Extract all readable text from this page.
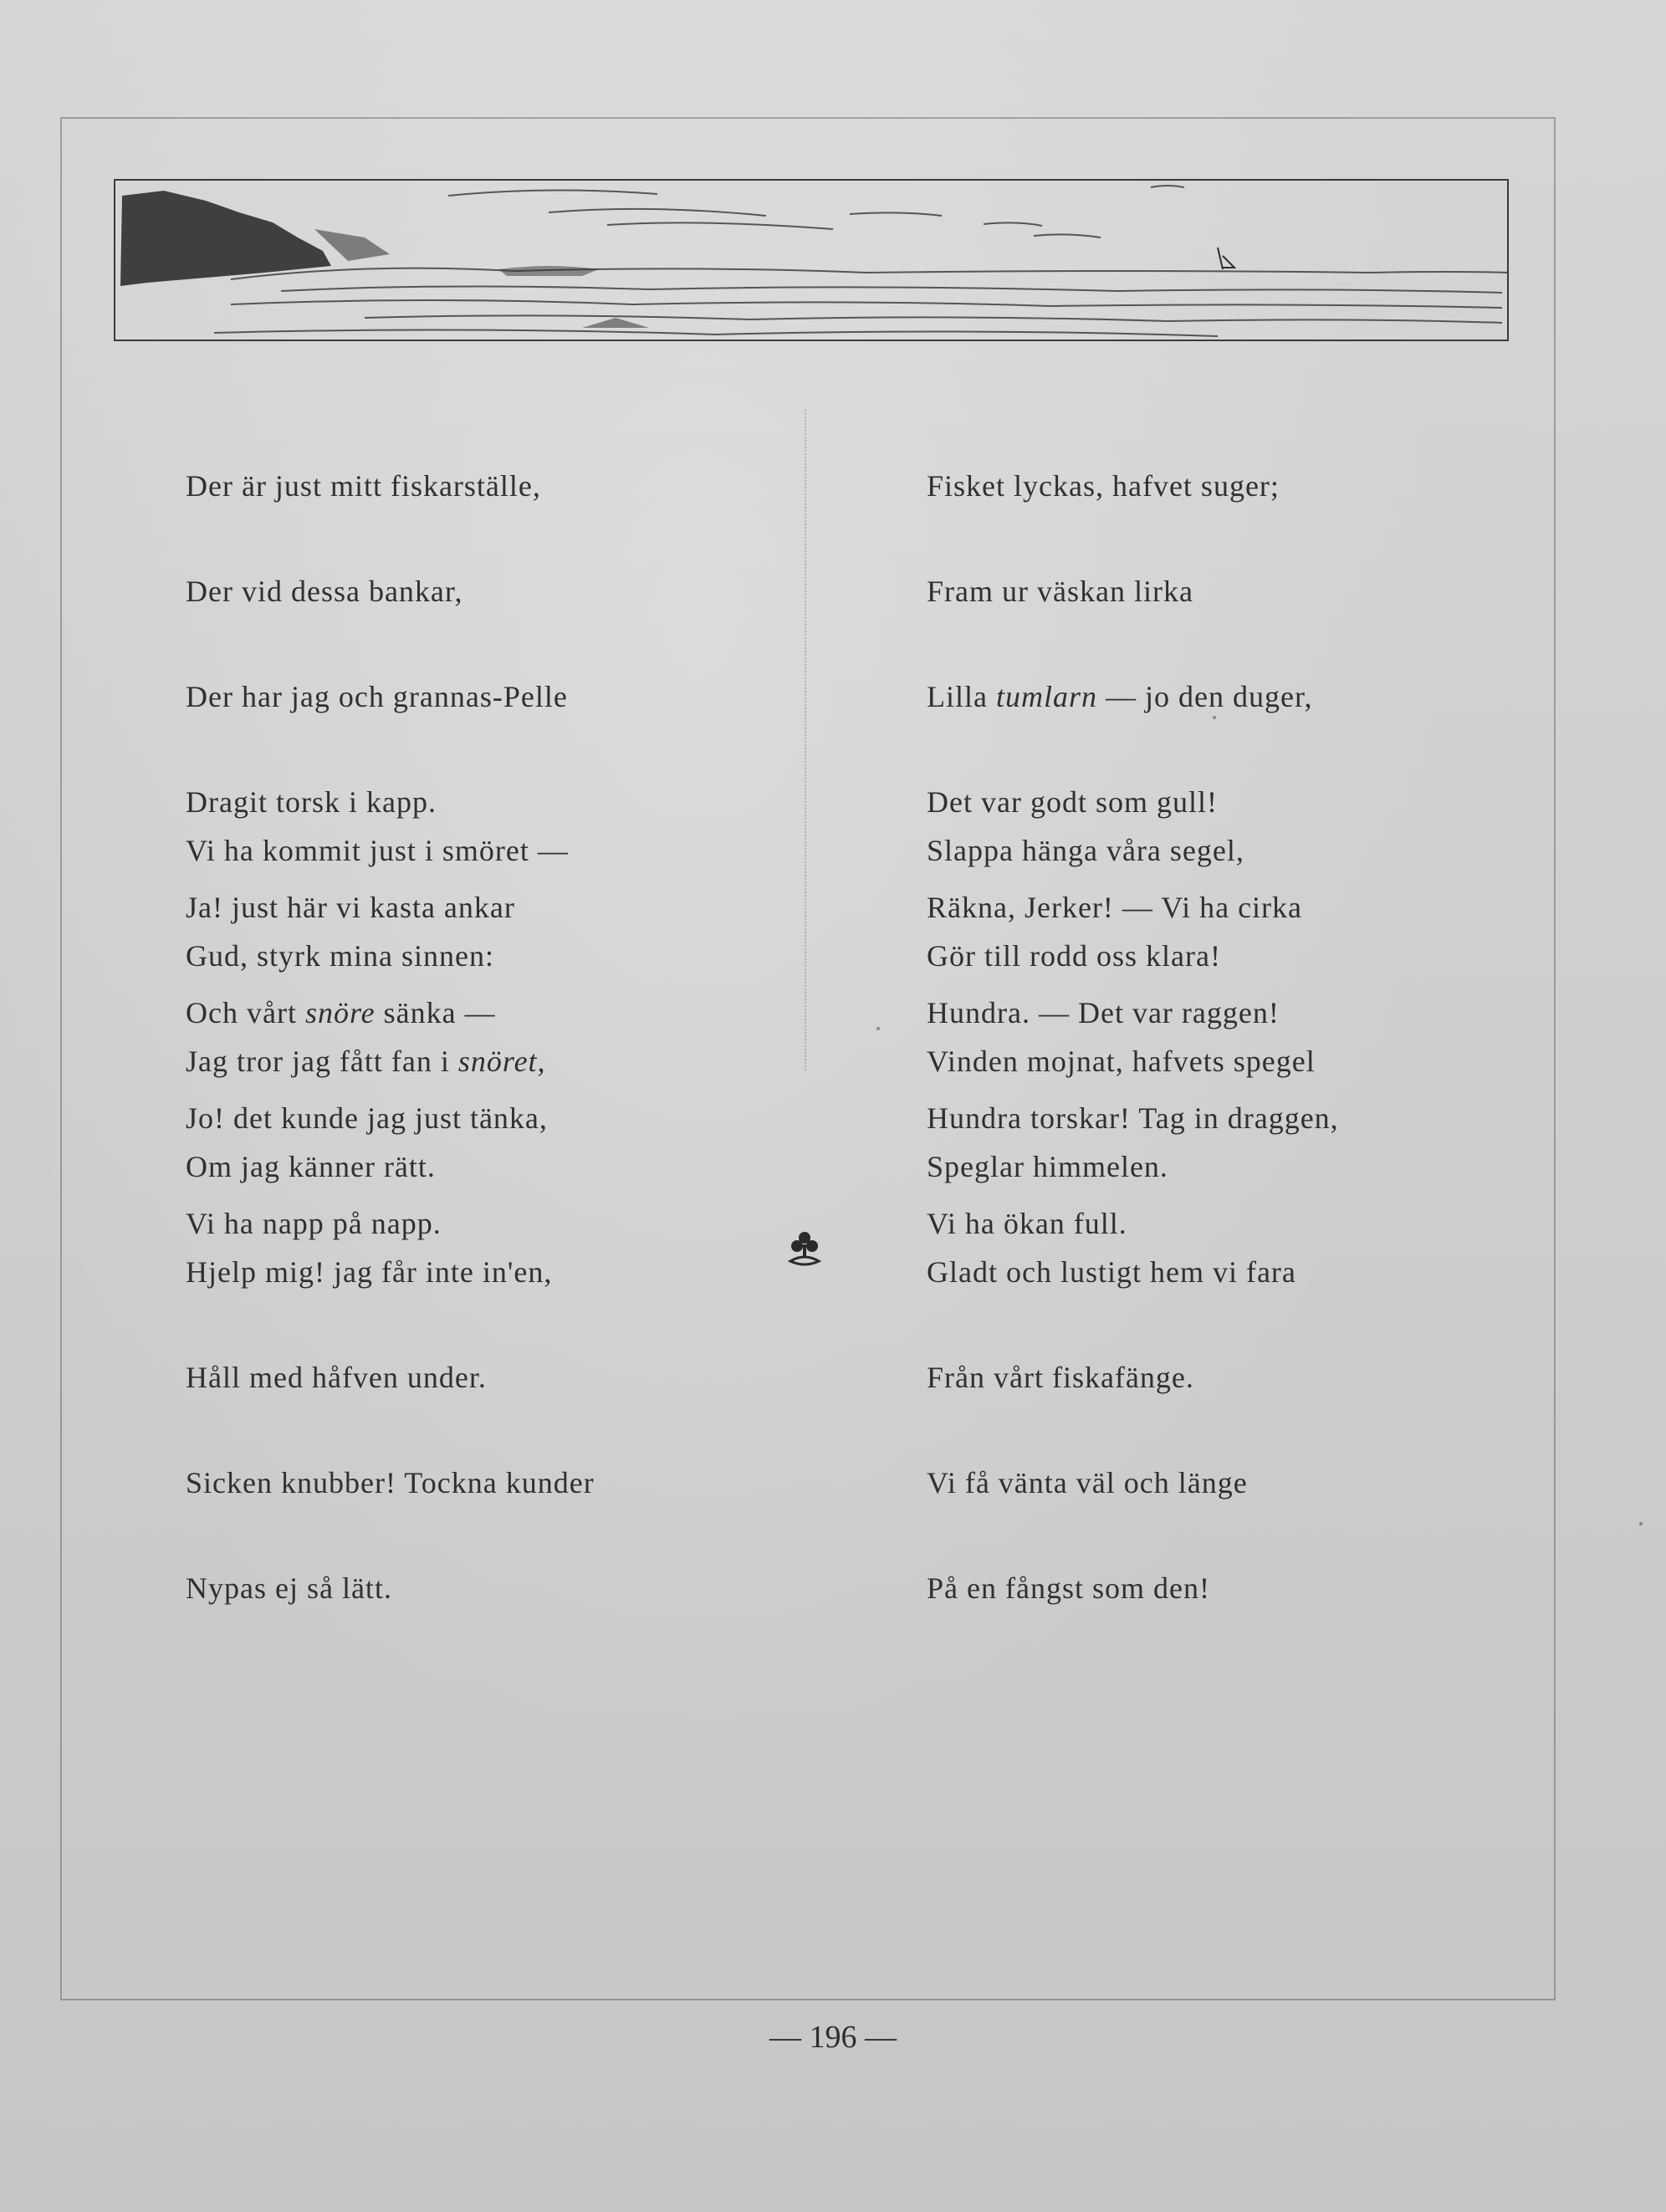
Der är just mitt fiskarställe,

Der vid dessa bankar,

Der har jag och grannas-Pelle

Dragit torsk i kapp.

Ja! just här vi kasta ankar

Och vårt snöre sänka —

Jo! det kunde jag just tänka,

Vi ha napp på napp.

Fisket lyckas, hafvet suger;

Fram ur väskan lirka

Lilla tumlarn — jo den duger,

Det var godt som gull!

Räkna, Jerker! — Vi ha cirka

Hundra. — Det var raggen!

Hundra torskar! Tag in draggen,

Vi ha ökan full.

Vi ha kommit just i smöret —

Gud, styrk mina sinnen:

Jag tror jag fått fan i snöret,

Om jag känner rätt.

Hjelp mig! jag får inte in'en,

Håll med håfven under.

Sicken knubber! Tockna kunder

Nypas ej så lätt.

Slappa hänga våra segel,

Gör till rodd oss klara!

Vinden mojnat, hafvets spegel

Speglar himmelen.

Gladt och lustigt hem vi fara

Från vårt fiskafänge.

Vi få vänta väl och länge

På en fångst som den!

— 196 —
